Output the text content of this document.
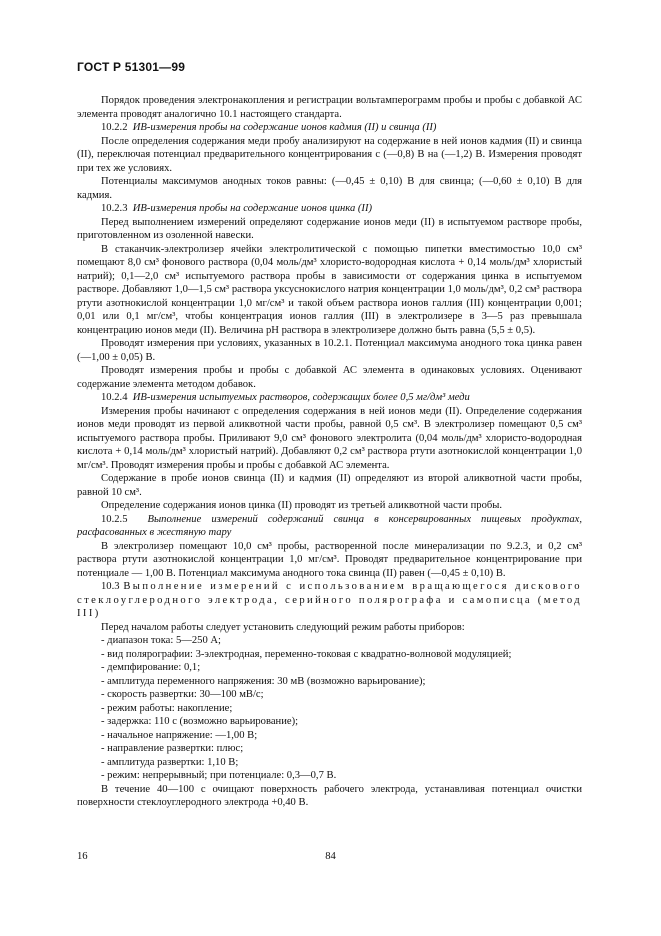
ГОСТ Р 51301—99

Порядок проведения электронакопления и регистрации вольтамперограмм пробы и пробы с добавкой АС элемента проводят аналогично 10.1 настоящего стандарта.

10.2.2 ИВ-измерения пробы на содержание ионов кадмия (II) и свинца (II)

После определения содержания меди пробу анализируют на содержание в ней ионов кадмия (II) и свинца (II), переключая потенциал предварительного концентрирования с (—0,8) В на (—1,2) В. Измерения проводят при тех же условиях.

Потенциалы максимумов анодных токов равны: (—0,45 ± 0,10) В для свинца; (—0,60 ± 0,10) В для кадмия.

10.2.3 ИВ-измерения пробы на содержание ионов цинка (II)

Перед выполнением измерений определяют содержание ионов меди (II) в испытуемом растворе пробы, приготовленном из озоленной навески.

В стаканчик-электролизер ячейки электролитической с помощью пипетки вместимостью 10,0 см³ помещают 8,0 см³ фонового раствора (0,04 моль/дм³ хлористо-водородная кислота + 0,14 моль/дм³ хлористый натрий); 0,1—2,0 см³ испытуемого раствора пробы в зависимости от содержания цинка в испытуемом растворе. Добавляют 1,0—1,5 см³ раствора уксуснокислого натрия концентрации 1,0 моль/дм³, 0,2 см³ раствора ртути азотнокислой концентрации 1,0 мг/см³ и такой объем раствора ионов галлия (III) концентрации 0,001; 0,01 или 0,1 мг/см³, чтобы концентрация ионов галлия (III) в электролизере в 3—5 раз превышала концентрацию ионов меди (II). Величина рН раствора в электролизере должно быть равна (5,5 ± 0,5).

Проводят измерения при условиях, указанных в 10.2.1. Потенциал максимума анодного тока цинка равен (—1,00 ± 0,05) В.

Проводят измерения пробы и пробы с добавкой АС элемента в одинаковых условиях. Оценивают содержание элемента методом добавок.

10.2.4 ИВ-измерения испытуемых растворов, содержащих более 0,5 мг/дм³ меди

Измерения пробы начинают с определения содержания в ней ионов меди (II). Определение содержания ионов меди проводят из первой аликвотной части пробы, равной 0,5 см³. В электролизер помещают 0,5 см³ испытуемого раствора пробы. Приливают 9,0 см³ фонового электролита (0,04 моль/дм³ хлористо-водородная кислота + 0,14 моль/дм³ хлористый натрий). Добавляют 0,2 см³ раствора ртути азотнокислой концентрации 1,0 мг/см³. Проводят измерения пробы и пробы с добавкой АС элемента.

Содержание в пробе ионов свинца (II) и кадмия (II) определяют из второй аликвотной части пробы, равной 10 см³.

Определение содержания ионов цинка (II) проводят из третьей аликвотной части пробы.

10.2.5 Выполнение измерений содержаний свинца в консервированных пищевых продуктах, расфасованных в жестяную тару

В электролизер помещают 10,0 см³ пробы, растворенной после минерализации по 9.2.3, и 0,2 см³ раствора ртути азотнокислой концентрации 1,0 мг/см³. Проводят предварительное концентрирование при потенциале — 1,00 В. Потенциал максимума анодного тока свинца (II) равен (—0,45 ± 0,10) В.

10.3 Выполнение измерений с использованием вращающегося дискового стеклоуглеродного электрода, серийного полярографа и самописца (метод III)

Перед началом работы следует установить следующий режим работы приборов:

- диапазон тока: 5—250 А;
- вид полярографии: 3-электродная, переменно-токовая с квадратно-волновой модуляцией;
- демпфирование: 0,1;
- амплитуда переменного напряжения: 30 мВ (возможно варьирование);
- скорость развертки: 30—100 мВ/с;
- режим работы: накопление;
- задержка: 110 с (возможно варьирование);
- начальное напряжение: —1,00 В;
- направление развертки: плюс;
- амплитуда развертки: 1,10 В;
- режим: непрерывный; при потенциале: 0,3—0,7 В.

В течение 40—100 с очищают поверхность рабочего электрода, устанавливая потенциал очистки поверхности стеклоуглеродного электрода +0,40 В.

16	84
